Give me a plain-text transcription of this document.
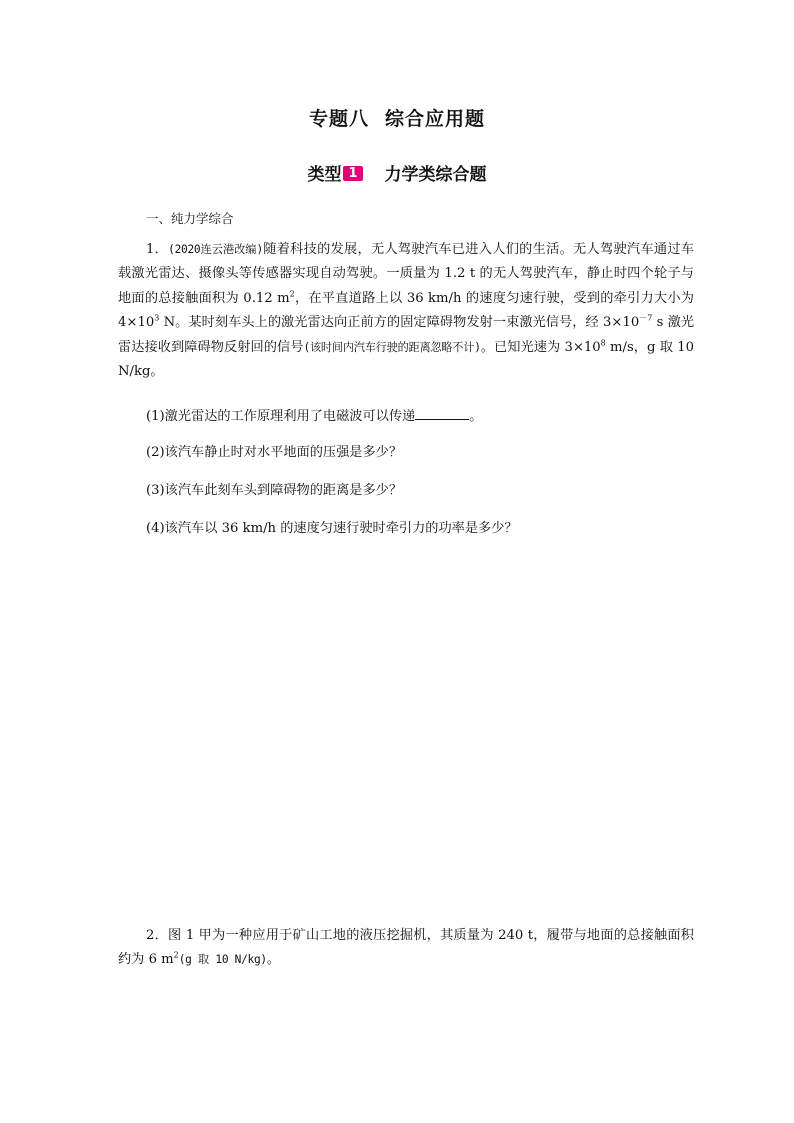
专题八 综合应用题
类型 1 力学类综合题
一、纯力学综合

1．(2020连云港改编)随着科技的发展，无人驾驶汽车已进入人们的生活。无人驾驶汽车通过车载激光雷达、摄像头等传感器实现自动驾驶。一质量为 1.2 t 的无人驾驶汽车，静止时四个轮子与地面的总接触面积为 0.12 $m^2$，在平直道路上以 36 km/h 的速度匀速行驶，受到的牵引力大小为 $4\times 10^3$ N。某时刻车头上的激光雷达向正前方的固定障碍物发射一束激光信号，经 $3\times 10^{-7}$ s 激光雷达接收到障碍物反射回的信号(该时间内汽车行驶的距离忽略不计)。已知光速为 $3\times 10^8$ m/s，g 取 10 N/kg。

(1)激光雷达的工作原理利用了电磁波可以传递	。
(2)该汽车静止时对水平地面的压强是多少？
(3)该汽车此刻车头到障碍物的距离是多少？
(4)该汽车以 36 km/h 的速度匀速行驶时牵引力的功率是多少？

2．图 1 甲为一种应用于矿山工地的液压挖掘机，其质量为 240 t，履带与地面的总接触面积约为 6 $m^2(g$ 取 10 N/kg)。
